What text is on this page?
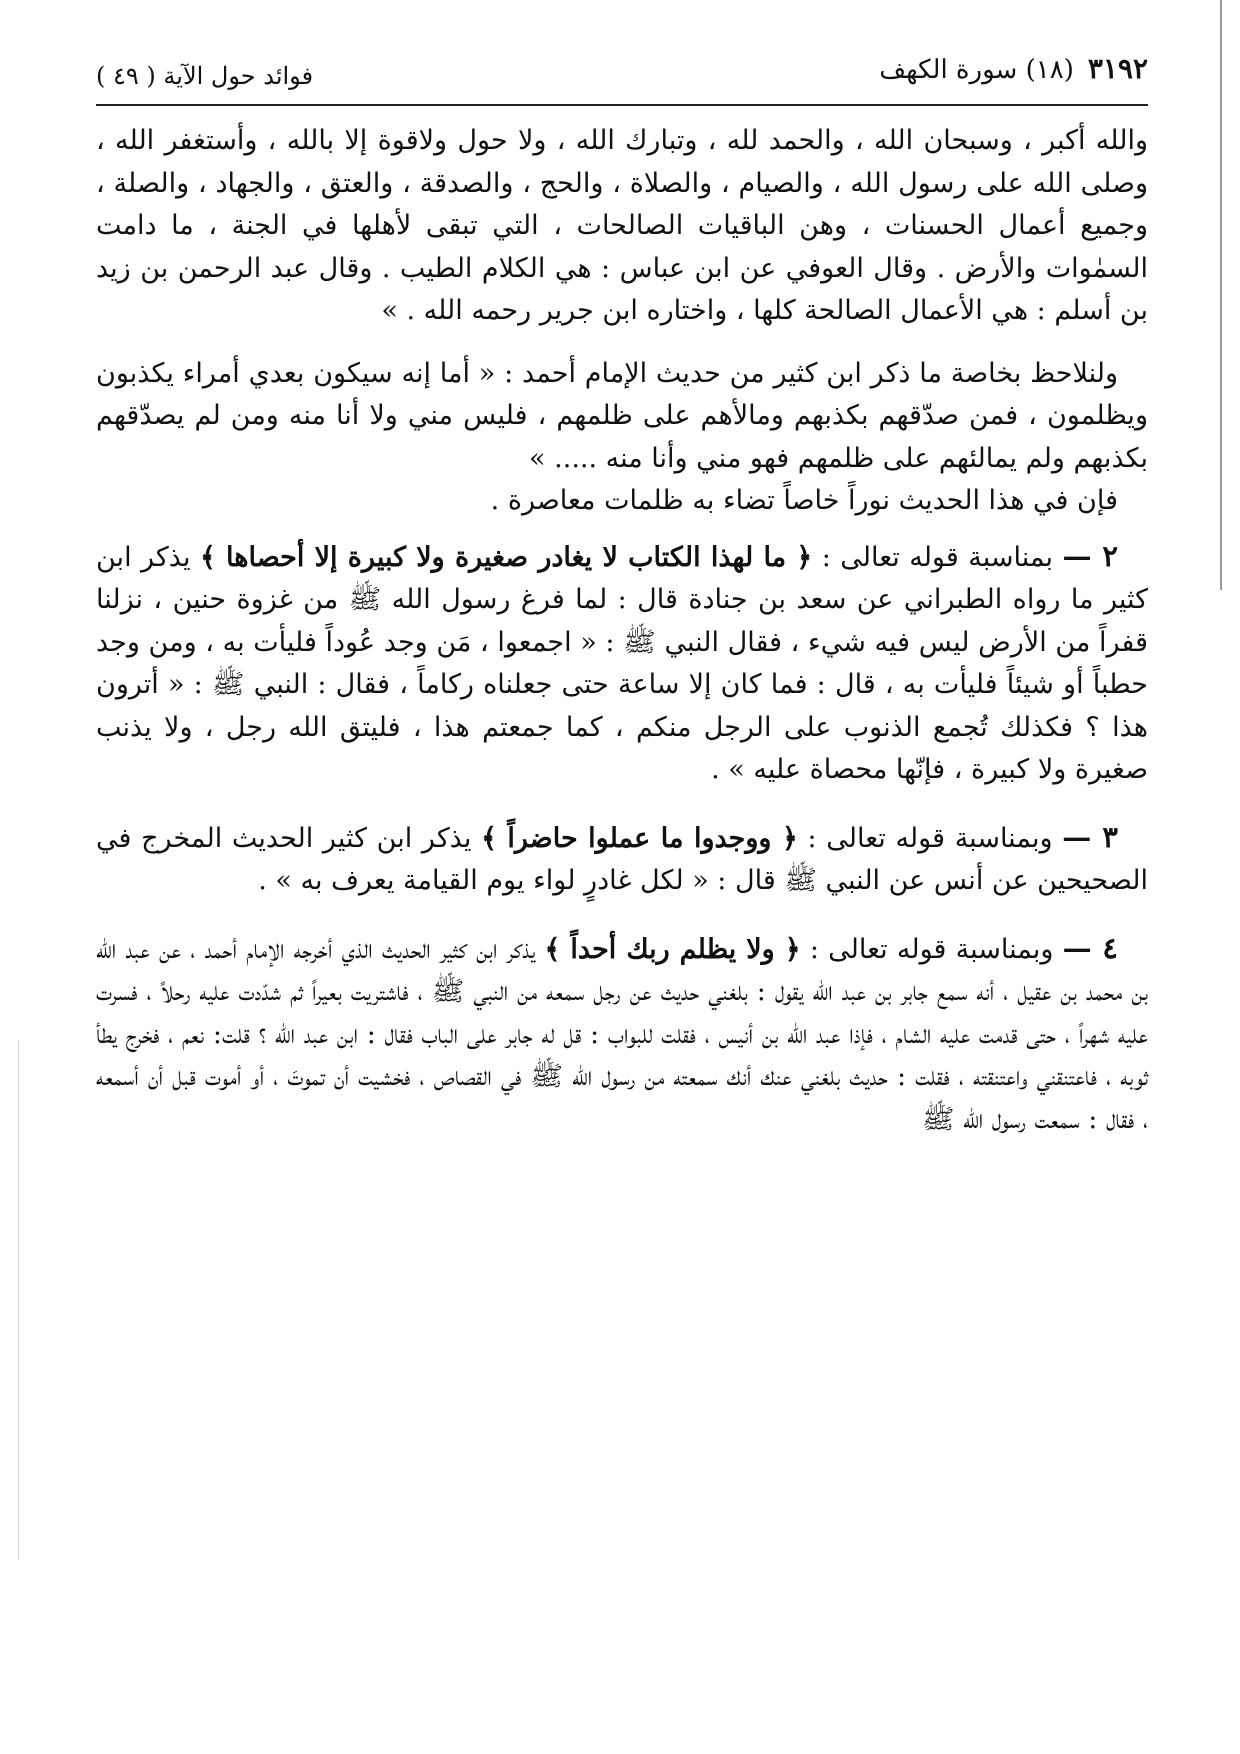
٣١٩٢(١٨) سورة الكهف
فوائد حول الآية ( ٤٩ )

والله أكبر ، وسبحان الله ، والحمد لله ، وتبارك الله ، ولا حول ولاقوة إلا بالله ، وأستغفر الله ، وصلى الله على رسول الله ، والصيام ، والصلاة ، والحج ، والصدقة ، والعتق ، والجهاد ، والصلة ، وجميع أعمال الحسنات ، وهن الباقيات الصالحات ، التي تبقى لأهلها في الجنة ، ما دامت السمٰوات والأرض . وقال العوفي عن ابن عباس : هي الكلام الطيب . وقال عبد الرحمن بن زيد بن أسلم : هي الأعمال الصالحة كلها ، واختاره ابن جرير رحمه الله . »

ولنلاحظ بخاصة ما ذكر ابن كثير من حديث الإمام أحمد : « أما إنه سيكون بعدي أمراء يكذبون ويظلمون ، فمن صدّقهم بكذبهم ومالأهم على ظلمهم ، فليس مني ولا أنا منه ومن لم يصدّقهم بكذبهم ولم يمالئهم على ظلمهم فهو مني وأنا منه ..... »

فإن في هذا الحديث نوراً خاصاً تضاء به ظلمات معاصرة .

٢ — بمناسبة قوله تعالى : ﴿ ما لهذا الكتاب لا يغادر صغيرة ولا كبيرة إلا أحصاها ﴾ يذكر ابن كثير ما رواه الطبراني عن سعد بن جنادة قال : لما فرغ رسول الله ﷺ من غزوة حنين ، نزلنا قفراً من الأرض ليس فيه شيء ، فقال النبي ﷺ : « اجمعوا ، مَن وجد عُوداً فليأت به ، ومن وجد حطباً أو شيئاً فليأت به ، قال : فما كان إلا ساعة حتى جعلناه ركاماً ، فقال : النبي ﷺ : « أترون هذا ؟ فكذلك تُجمع الذنوب على الرجل منكم ، كما جمعتم هذا ، فليتق الله رجل ، ولا يذنب صغيرة ولا كبيرة ، فإنّها محصاة عليه » .

٣ — وبمناسبة قوله تعالى : ﴿ ووجدوا ما عملوا حاضراً ﴾ يذكر ابن كثير الحديث المخرج في الصحيحين عن أنس عن النبي ﷺ قال : « لكل غادرٍ لواء يوم القيامة يعرف به » .

٤ — وبمناسبة قوله تعالى : ﴿ ولا يظلم ربك أحداً ﴾ يذكر ابن كثير الحديث الذي أخرجه الإمام أحمد ، عن عبد الله بن محمد بن عقيل ، أنه سمع جابر بن عبد الله يقول : بلغني حديث عن رجل سمعه من النبي ﷺ ، فاشتريت بعيراً ثم شدّدت عليه رحلاً ، فسرت عليه شهراً ، حتى قدمت عليه الشام ، فإذا عبد الله بن أنيس ، فقلت للبواب : قل له جابر على الباب فقال : ابن عبد الله ؟ قلت: نعم ، فخرج يطأ ثوبه ، فاعتنقني واعتنقته ، فقلت : حديث بلغني عنك أنك سمعته من رسول الله ﷺ في القصاص ، فخشيت أن تموتَ ، أو أموت قبل أن أسمعه ، فقال : سمعت رسول الله ﷺ
